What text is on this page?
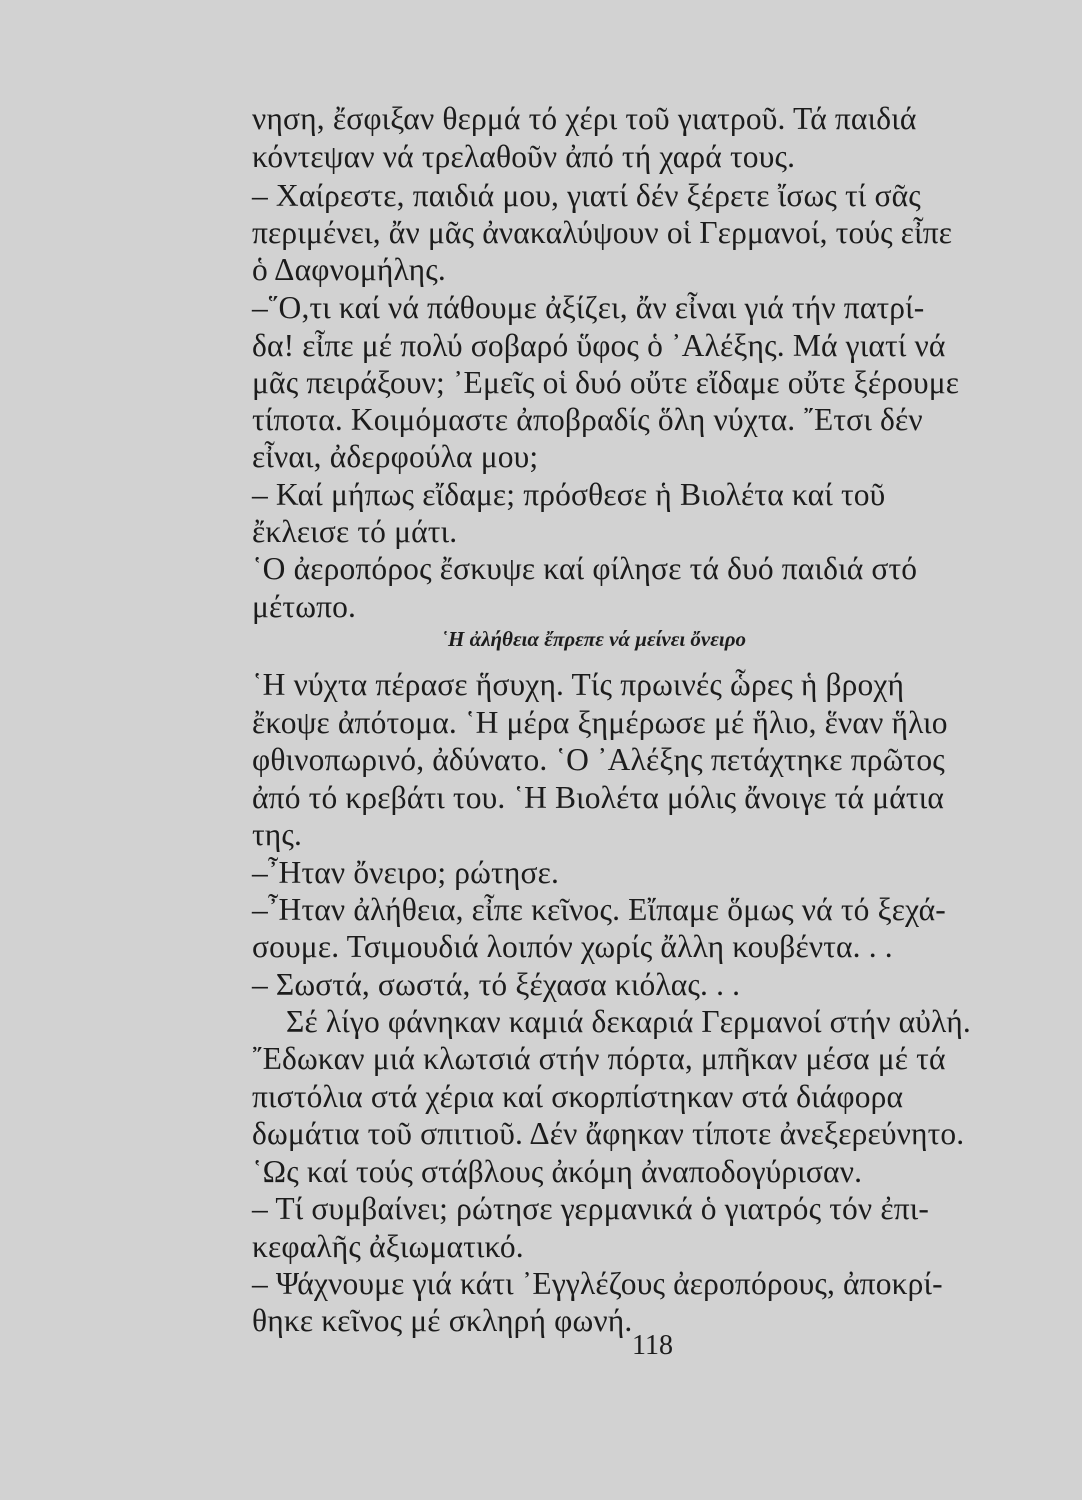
νηση, ἔσφιξαν θερμά τό χέρι τοῦ γιατροῦ. Τά παιδιά
κόντεψαν νά τρελαθοῦν ἀπό τή χαρά τους.
– Χαίρεστε, παιδιά μου, γιατί δέν ξέρετε ἴσως τί σᾶς
περιμένει, ἄν μᾶς ἀνακαλύψουν οἱ Γερμανοί, τούς εἶπε
ὁ Δαφνομήλης.
–῞Ο,τι καί νά πάθουμε ἀξίζει, ἄν εἶναι γιά τήν πατρί-
δα! εἶπε μέ πολύ σοβαρό ὕφος ὁ ᾿Αλέξης. Μά γιατί νά
μᾶς πειράξουν; ᾿Εμεῖς οἱ δυό οὔτε εἴδαμε οὔτε ξέρουμε
τίποτα. Κοιμόμαστε ἀποβραδίς ὅλη νύχτα. ῎Ετσι δέν
εἶναι, ἀδερφούλα μου;
– Καί μήπως εἴδαμε; πρόσθεσε ἡ Βιολέτα καί τοῦ
ἔκλεισε τό μάτι.
῾Ο ἀεροπόρος ἔσκυψε καί φίλησε τά δυό παιδιά στό
μέτωπο.
῾Η ἀλήθεια ἔπρεπε νά μείνει ὄνειρο
῾Η νύχτα πέρασε ἥσυχη. Τίς πρωινές ὧρες ἡ βροχή
ἔκοψε ἀπότομα. ῾Η μέρα ξημέρωσε μέ ἥλιο, ἕναν ἥλιο
φθινοπωρινό, ἀδύνατο. ῾Ο ᾿Αλέξης πετάχτηκε πρῶτος
ἀπό τό κρεβάτι του. ῾Η Βιολέτα μόλις ἄνοιγε τά μάτια
της.
–῏Ηταν ὄνειρο; ρώτησε.
–῏Ηταν ἀλήθεια, εἶπε κεῖνος. Εἴπαμε ὅμως νά τό ξεχά-
σουμε. Τσιμουδιά λοιπόν χωρίς ἄλλη κουβέντα. . .
– Σωστά, σωστά, τό ξέχασα κιόλας. . .
Σέ λίγο φάνηκαν καμιά δεκαριά Γερμανοί στήν αὐλή.
῎Εδωκαν μιά κλωτσιά στήν πόρτα, μπῆκαν μέσα μέ τά
πιστόλια στά χέρια καί σκορπίστηκαν στά διάφορα
δωμάτια τοῦ σπιτιοῦ. Δέν ἄφηκαν τίποτε ἀνεξερεύνητο.
῾Ως καί τούς στάβλους ἀκόμη ἀναποδογύρισαν.
– Τί συμβαίνει; ρώτησε γερμανικά ὁ γιατρός τόν ἐπι-
κεφαλῆς ἀξιωματικό.
– Ψάχνουμε γιά κάτι ᾿Εγγλέζους ἀεροπόρους, ἀποκρί-
θηκε κεῖνος μέ σκληρή φωνή.
118
